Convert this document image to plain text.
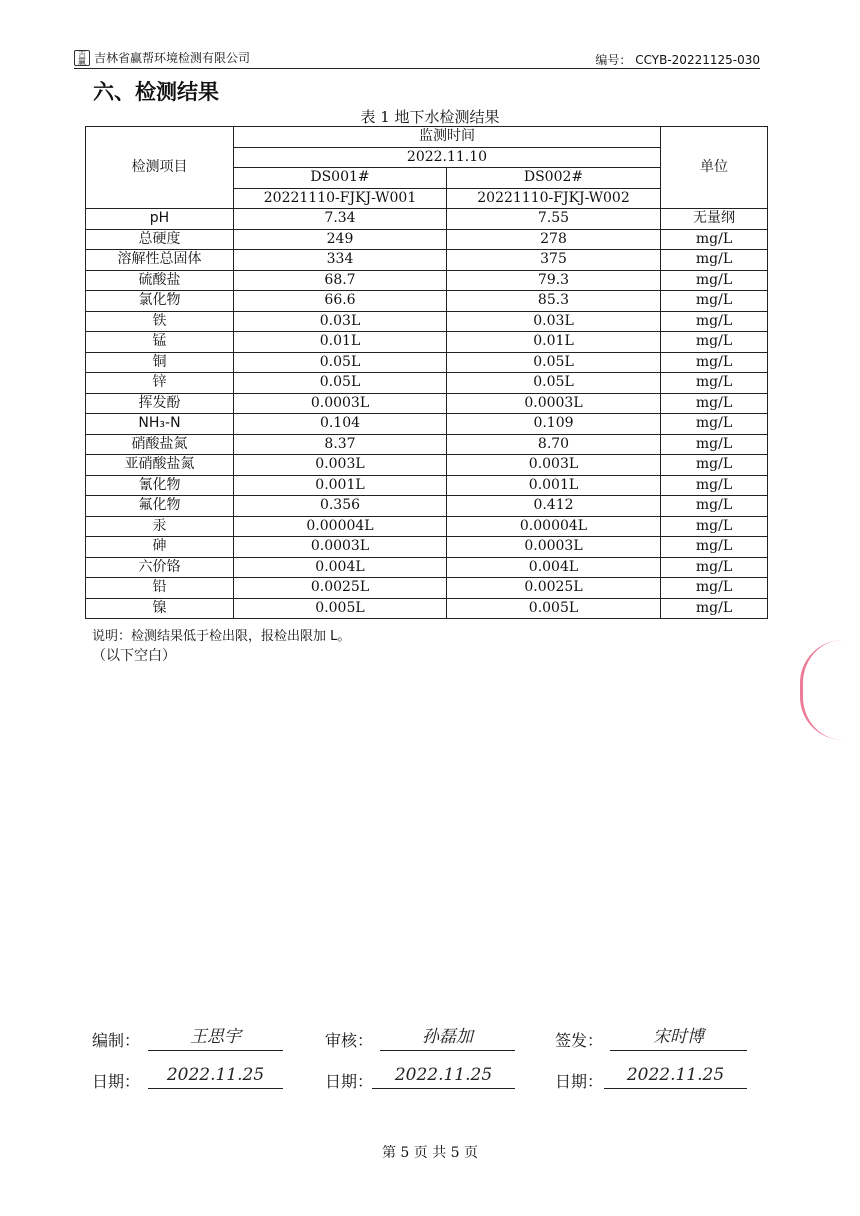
吉
赢 吉林省赢帮环境检测有限公司	编号： CCYB-20221125-030
六、检测结果
表 1 地下水检测结果
检测项目	监测时间		单位
	2022.11.10		
	DS001#	DS002#	
	20221110-FJKJ-W001	20221110-FJKJ-W002	
pH	7.34	7.55	无量纲
总硬度	249	278	mg/L
溶解性总固体	334	375	mg/L
硫酸盐	68.7	79.3	mg/L
氯化物	66.6	85.3	mg/L
铁	0.03L	0.03L	mg/L
锰	0.01L	0.01L	mg/L
铜	0.05L	0.05L	mg/L
锌	0.05L	0.05L	mg/L
挥发酚	0.0003L	0.0003L	mg/L
NH₃-N	0.104	0.109	mg/L
硝酸盐氮	8.37	8.70	mg/L
亚硝酸盐氮	0.003L	0.003L	mg/L
氰化物	0.001L	0.001L	mg/L
氟化物	0.356	0.412	mg/L
汞	0.00004L	0.00004L	mg/L
砷	0.0003L	0.0003L	mg/L
六价铬	0.004L	0.004L	mg/L
铅	0.0025L	0.0025L	mg/L
镍	0.005L	0.005L	mg/L
说明：检测结果低于检出限，报检出限加 L。
（以下空白）
编制：	王思宇	审核：	孙磊加	签发：	宋时博
日期：	2022.11.25	日期：	2022.11.25	日期：	2022.11.25
第 5 页 共 5 页
